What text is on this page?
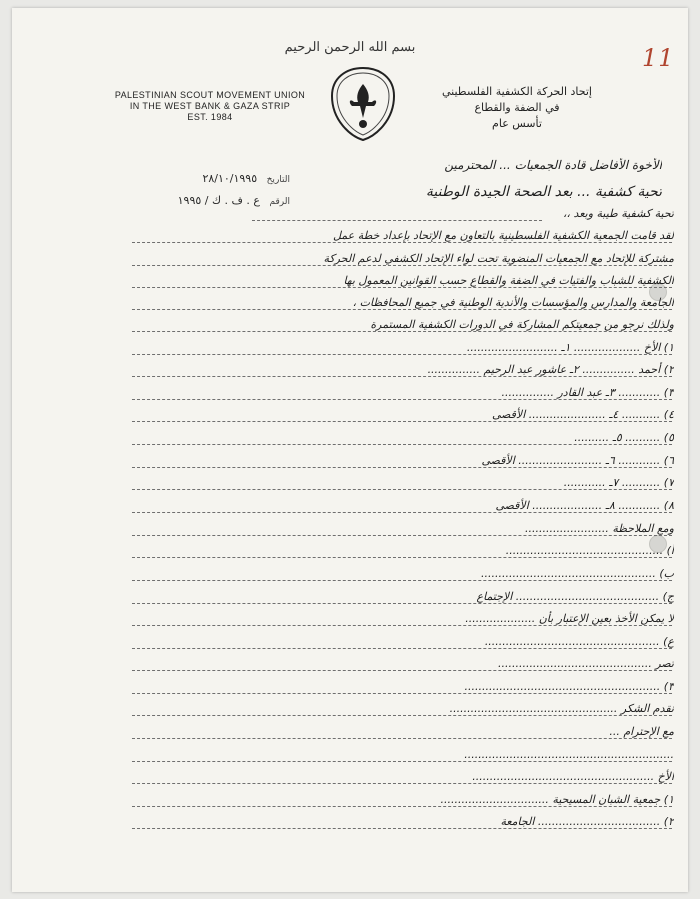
بسم الله الرحمن الرحيم	11
PALESTINIAN SCOUT MOVEMENT UNION
IN THE WEST BANK & GAZA STRIP
EST. 1984
إتحاد الحركة الكشفية الفلسطيني
في الضفة والقطاع
تأسس عام
التاريخ ٢٨/١٠/١٩٩٥
الرقم ع . ف . ك / ١٩٩٥
الأخوة الأفاضل قادة الجمعيات ... المحترمين
تحية كشفية ... بعد الصحة الجيدة الوطنية
تحية كشفية طيبة وبعد ،،
لقد قامت الجمعية الكشفية الفلسطينية بالتعاون مع الإتحاد بإعداد خطة عمل
مشتركة للإتحاد مع الجمعيات المنضوية تحت لواء الإتحاد الكشفي لدعم الحركة
الكشفية للشباب والفتيات في الضفة والقطاع حسب القوانين المعمول بها
الجامعة والمدارس والمؤسسات والأندية الوطنية في جميع المحافظات ،
ولذلك نرجو من جمعيتكم المشاركة في الدورات الكشفية المستمرة
١) الأخ ................... ١ـ ..........................
٢) أحمد ............... ٢ـ عاشور عبد الرحيم ...............
٣) ............ ٣ـ عبد القادر ...............
٤) ........... ٤ـ ...................... الأقصى
٥) .......... ٥ـ ..........
٦) ............ ٦ـ ........................ الأقصى
٧) ........... ٧ـ ............
٨) ............ ٨ـ .................... الأقصى
ومع الملاحظة ........................
أ) .............................................
ب) ..................................................
ج) ......................................... الإجتماع
لا يمكن الأخذ بعين الإعتبار بأن ....................
ع) ..................................................
تصر ............................................
٣) ........................................................
نقدم الشكر ................................................
مع الإحترام ...
............................................................
الأخ ....................................................
١) جمعية الشبان المسيحية ...............................
٢) ................................... الجامعة
